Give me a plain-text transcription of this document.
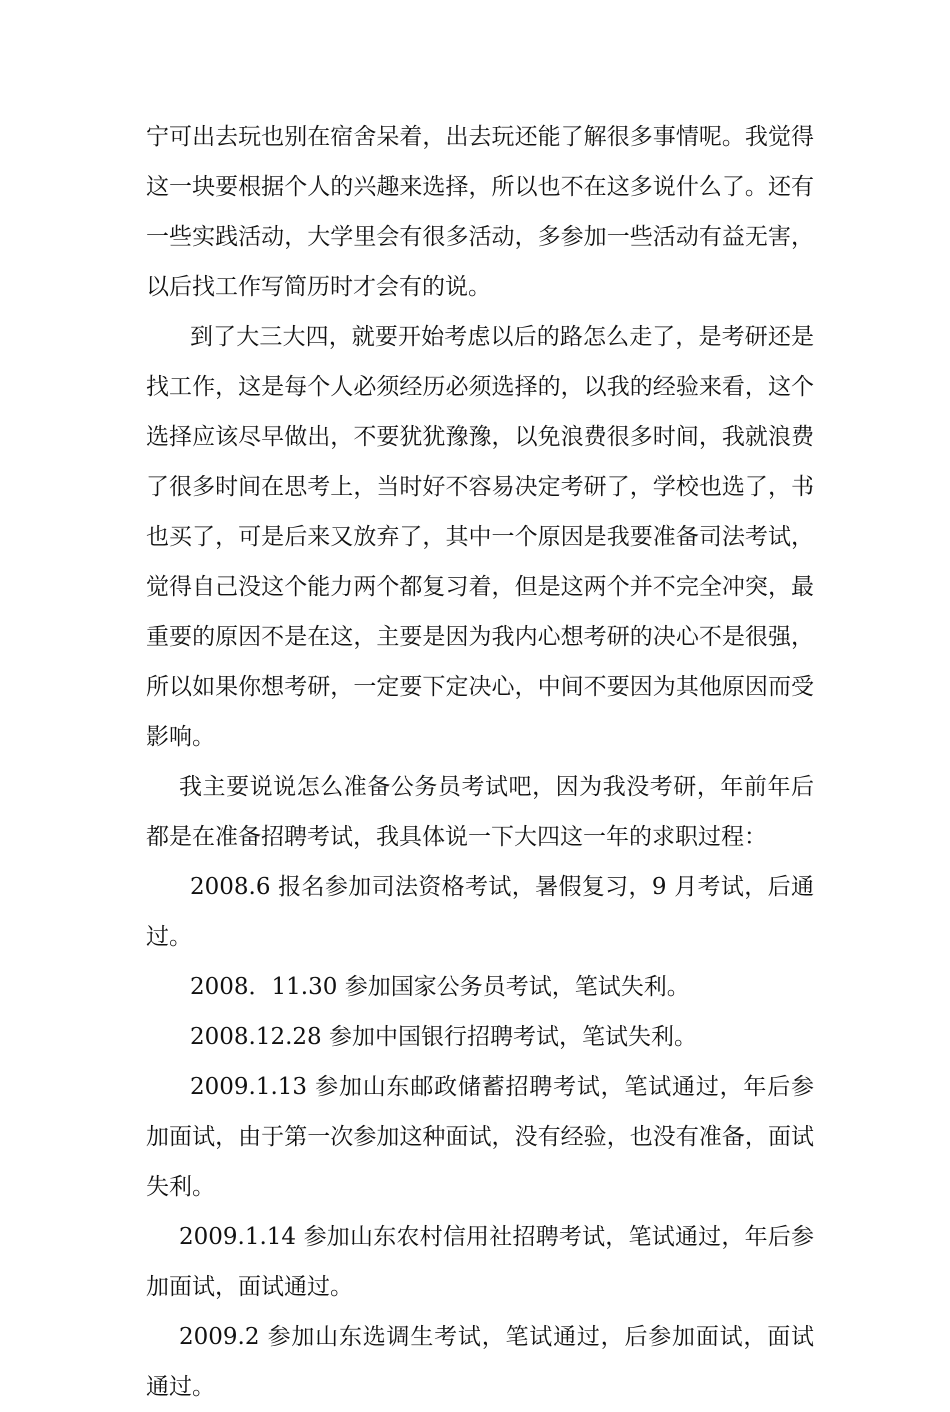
宁可出去玩也别在宿舍呆着，出去玩还能了解很多事情呢。我觉得这一块要根据个人的兴趣来选择，所以也不在这多说什么了。还有一些实践活动，大学里会有很多活动，多参加一些活动有益无害，以后找工作写简历时才会有的说。

到了大三大四，就要开始考虑以后的路怎么走了，是考研还是找工作，这是每个人必须经历必须选择的，以我的经验来看，这个选择应该尽早做出，不要犹犹豫豫，以免浪费很多时间，我就浪费了很多时间在思考上，当时好不容易决定考研了，学校也选了，书也买了，可是后来又放弃了，其中一个原因是我要准备司法考试，觉得自己没这个能力两个都复习着，但是这两个并不完全冲突，最重要的原因不是在这，主要是因为我内心想考研的决心不是很强，所以如果你想考研，一定要下定决心，中间不要因为其他原因而受影响。

我主要说说怎么准备公务员考试吧，因为我没考研，年前年后都是在准备招聘考试，我具体说一下大四这一年的求职过程：

2008.6 报名参加司法资格考试，暑假复习，9 月考试，后通过。

2008．11.30 参加国家公务员考试，笔试失利。

2008.12.28 参加中国银行招聘考试，笔试失利。

2009.1.13 参加山东邮政储蓄招聘考试，笔试通过，年后参加面试，由于第一次参加这种面试，没有经验，也没有准备，面试失利。

2009.1.14 参加山东农村信用社招聘考试，笔试通过，年后参加面试，面试通过。

2009.2 参加山东选调生考试，笔试通过，后参加面试，面试通过。
